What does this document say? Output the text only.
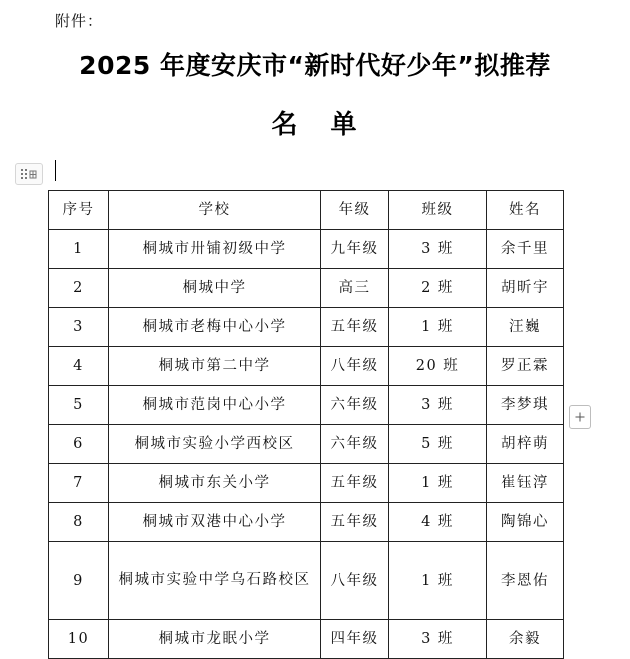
附件：
2025 年度安庆市“新时代好少年”拟推荐
名 单
序号	学校	年级	班级	姓名
1	桐城市卅铺初级中学	九年级	3 班	余千里
2	桐城中学	高三	2 班	胡昕宇
3	桐城市老梅中心小学	五年级	1 班	汪巍
4	桐城市第二中学	八年级	20 班	罗正霖
5	桐城市范岗中心小学	六年级	3 班	李梦琪
6	桐城市实验小学西校区	六年级	5 班	胡梓萌
7	桐城市东关小学	五年级	1 班	崔钰淳
8	桐城市双港中心小学	五年级	4 班	陶锦心
9	桐城市实验中学乌石路校区	八年级	1 班	李恩佑
10	桐城市龙眠小学	四年级	3 班	余毅
